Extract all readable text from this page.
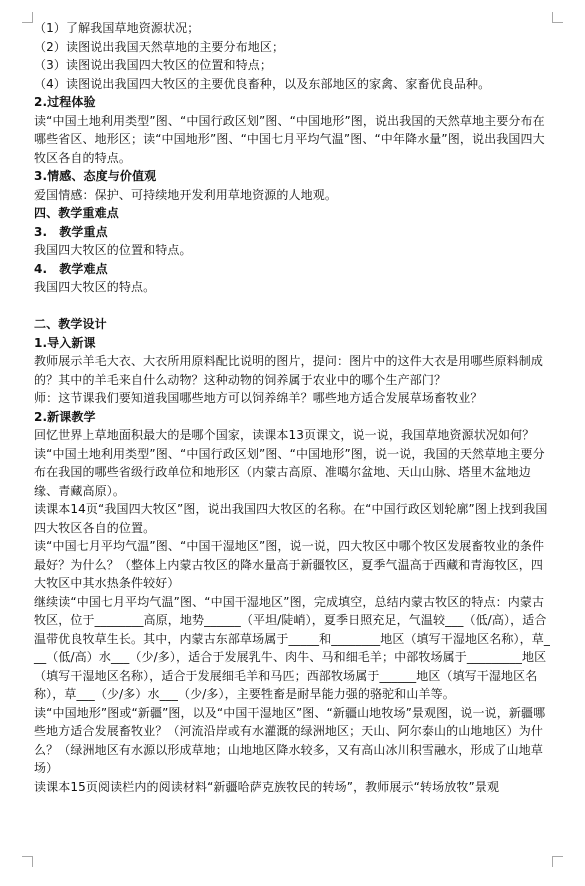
（1）了解我国草地资源状况；
（2）读图说出我国天然草地的主要分布地区；
（3）读图说出我国四大牧区的位置和特点；
（4）读图说出我国四大牧区的主要优良畜种，以及东部地区的家禽、家畜优良品种。
2.过程体验
读“中国土地利用类型”图、“中国行政区划”图、“中国地形”图，说出我国的天然草地主要分布在哪些省区、地形区；读“中国地形”图、“中国七月平均气温”图、“中年降水量”图，说出我国四大牧区各自的特点。
3.情感、态度与价值观
爱国情感：保护、可持续地开发利用草地资源的人地观。
四、教学重难点
3.　教学重点
我国四大牧区的位置和特点。
4.　教学难点
我国四大牧区的特点。
二、教学设计
1.导入新课
教师展示羊毛大衣、大衣所用原料配比说明的图片，提问：图片中的这件大衣是用哪些原料制成的？其中的羊毛来自什么动物？这种动物的饲养属于农业中的哪个生产部门？
师：这节课我们要知道我国哪些地方可以饲养绵羊？哪些地方适合发展草场畜牧业？
2.新课教学
回忆世界上草地面积最大的是哪个国家，读课本13页课文，说一说，我国草地资源状况如何？
读“中国土地利用类型”图、“中国行政区划”图、“中国地形”图，说一说，我国的天然草地主要分布在我国的哪些省级行政单位和地形区（内蒙古高原、准噶尔盆地、天山山脉、塔里木盆地边缘、青藏高原）。
读课本14页“我国四大牧区”图，说出我国四大牧区的名称。在“中国行政区划轮廓”图上找到我国四大牧区各自的位置。
读“中国七月平均气温”图、“中国干湿地区”图，说一说，四大牧区中哪个牧区发展畜牧业的条件最好？为什么？（整体上内蒙古牧区的降水量高于新疆牧区，夏季气温高于西藏和青海牧区，四大牧区中其水热条件较好）
继续读“中国七月平均气温”图、“中国干湿地区”图，完成填空，总结内蒙古牧区的特点：内蒙古牧区，位于________高原，地势______（平坦/陡峭），夏季日照充足，气温较___（低/高），适合温带优良牧草生长。其中，内蒙古东部草场属于_____和________地区（填写干湿地区名称），草___（低/高）水___（少/多），适合于发展乳牛、肉牛、马和细毛羊；中部牧场属于_________地区（填写干湿地区名称），适合于发展细毛羊和马匹；西部牧场属于______地区（填写干湿地区名称），草___（少/多）水___（少/多），主要牲畜是耐旱能力强的骆驼和山羊等。
读“中国地形”图或“新疆”图，以及“中国干湿地区”图、“新疆山地牧场”景观图，说一说，新疆哪些地方适合发展畜牧业？（河流沿岸或有水灌溉的绿洲地区；天山、阿尔泰山的山地地区）为什么？（绿洲地区有水源以形成草地；山地地区降水较多，又有高山冰川积雪融水，形成了山地草场）
读课本15页阅读栏内的阅读材料“新疆哈萨克族牧民的转场”，教师展示“转场放牧”景观
